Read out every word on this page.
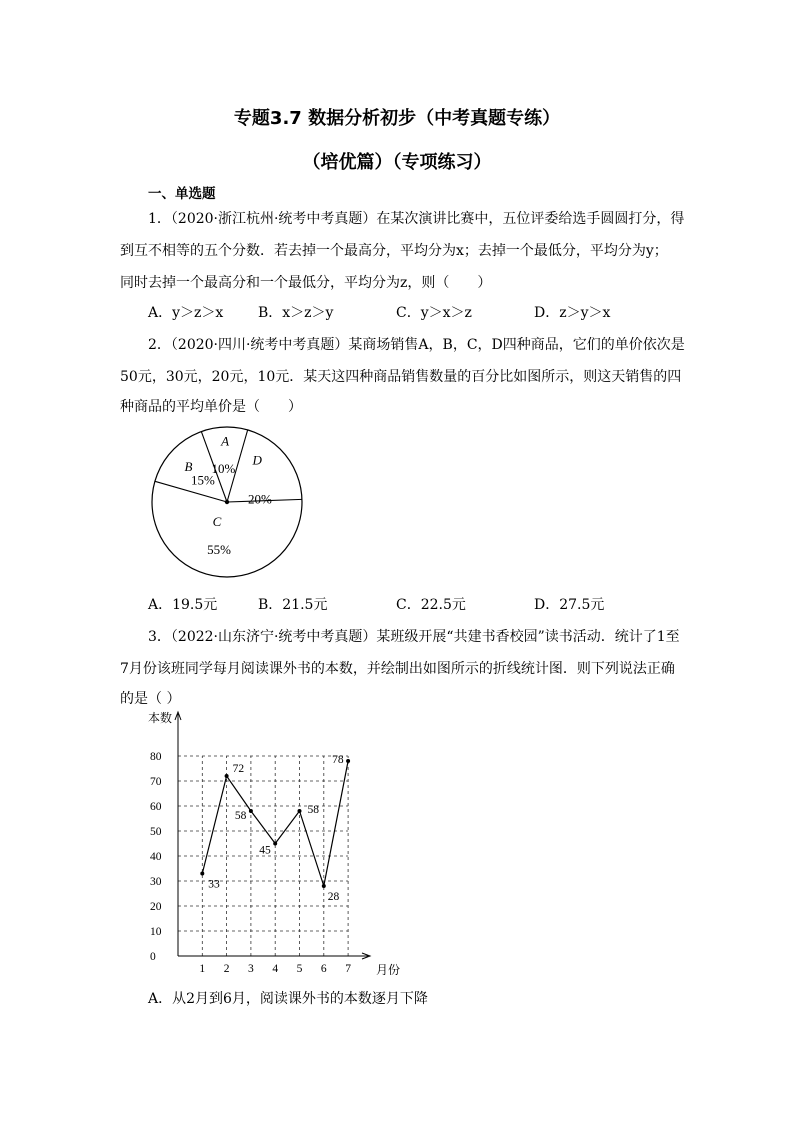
专题3.7 数据分析初步（中考真题专练）
（培优篇）（专项练习）
一、单选题
1．（2020·浙江杭州·统考中考真题）在某次演讲比赛中，五位评委给选手圆圆打分，得
到互不相等的五个分数．若去掉一个最高分，平均分为x；去掉一个最低分，平均分为y；
同时去掉一个最高分和一个最低分，平均分为z，则（　　）
A．y＞z＞x B．x＞z＞y	C．y＞x＞z	D．z＞y＞x
2．（2020·四川·统考中考真题）某商场销售A，B，C，D四种商品，它们的单价依次是
50元，30元，20元，10元．某天这四种商品销售数量的百分比如图所示，则这天销售的四
种商品的平均单价是（　　）
A
10%
B
15%
C
55%
D
20%
A．19.5元	B．21.5元	C．22.5元	D．27.5元
3．（2022·山东济宁·统考中考真题）某班级开展“共建书香校园”读书活动．统计了1至
7月份该班同学每月阅读课外书的本数，并绘制出如图所示的折线统计图．则下列说法正确
的是（ ）
本数
月份
0
10
20
30
40
50
60
70
80
1 2 3 4 5 6 7
33
72
58
45
58
28
78
A．从2月到6月，阅读课外书的本数逐月下降
